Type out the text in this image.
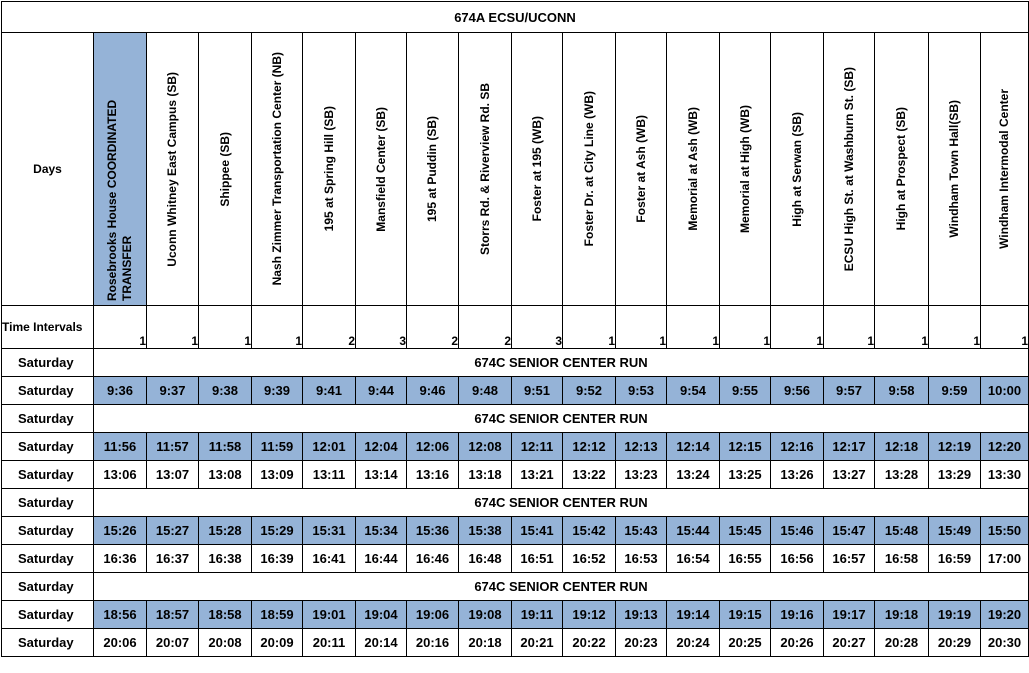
674A ECSU/UCONN																		
Days	Rosebrooks House COORDINATED TRANSFER	Uconn Whitney East Campus (SB)	Shippee (SB)	Nash Zimmer Transportation Center (NB)	195 at Spring Hill (SB)	Mansfield Center (SB)	195 at Puddin (SB)	Storrs Rd. & Riverview Rd. SB	Foster at 195 (WB)	Foster Dr. at City Line (WB)	Foster at Ash (WB)	Memorial at Ash (WB)	Memorial at High (WB)	High at Serwan (SB)	ECSU High St. at Washburn St. (SB)	High at Prospect (SB)	Windham Town Hall(SB)	Windham Intermodal Center

Time Intervals	1	1	1	1	2	3	2	2	3	1	1	1	1	1	1	1	1	1
Saturday	674C SENIOR CENTER RUN																	
Saturday	9:36	9:37	9:38	9:39	9:41	9:44	9:46	9:48	9:51	9:52	9:53	9:54	9:55	9:56	9:57	9:58	9:59	10:00
Saturday	674C SENIOR CENTER RUN																	
Saturday	11:56	11:57	11:58	11:59	12:01	12:04	12:06	12:08	12:11	12:12	12:13	12:14	12:15	12:16	12:17	12:18	12:19	12:20
Saturday	13:06	13:07	13:08	13:09	13:11	13:14	13:16	13:18	13:21	13:22	13:23	13:24	13:25	13:26	13:27	13:28	13:29	13:30
Saturday	674C SENIOR CENTER RUN																	
Saturday	15:26	15:27	15:28	15:29	15:31	15:34	15:36	15:38	15:41	15:42	15:43	15:44	15:45	15:46	15:47	15:48	15:49	15:50
Saturday	16:36	16:37	16:38	16:39	16:41	16:44	16:46	16:48	16:51	16:52	16:53	16:54	16:55	16:56	16:57	16:58	16:59	17:00
Saturday	674C SENIOR CENTER RUN																	
Saturday	18:56	18:57	18:58	18:59	19:01	19:04	19:06	19:08	19:11	19:12	19:13	19:14	19:15	19:16	19:17	19:18	19:19	19:20
Saturday	20:06	20:07	20:08	20:09	20:11	20:14	20:16	20:18	20:21	20:22	20:23	20:24	20:25	20:26	20:27	20:28	20:29	20:30
